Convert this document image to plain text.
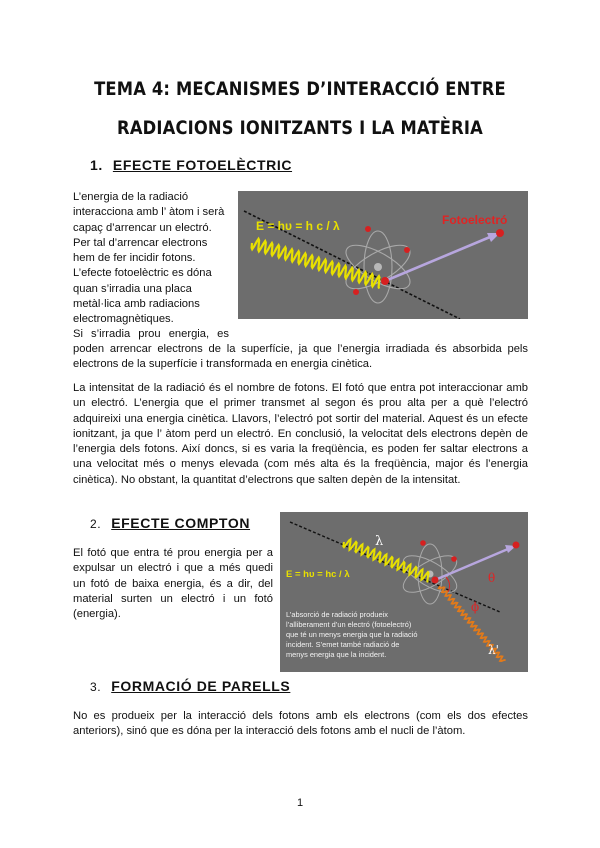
TEMA 4: MECANISMES D’INTERACCIÓ ENTRE
RADIACIONS IONITZANTS I LA MATÈRIA
1. EFECTE FOTOELÈCTRIC
L’energia de la radiació
interacciona amb l’ àtom i serà
capaç d’arrencar un electró.
Per tal d’arrencar electrons
hem de fer incidir fotons.
L’efecte fotoelèctric es dóna
quan s’irradia una placa
metàl·lica amb radiacions
electromagnètiques.
Si s’irradia prou energia, es
poden arrencar electrons de la superfície, ja que l’energia irradiada és absorbida pels
electrons de la superfície i transformada en energia cinètica.
E = hυ = h c / λ	Fotoelectró
La intensitat de la radiació és el nombre de fotons. El fotó que entra pot interaccionar amb
un electró. L’energia que el primer transmet al segon és prou alta per a què l’electró
adquireixi una energia cinètica. Llavors, l’electró pot sortir del material. Aquest és un efecte
ionitzant, ja que l’ àtom perd un electró. En conclusió, la velocitat dels electrons depèn de
l’energia dels fotons. Així doncs, si es varia la freqüència, es poden fer saltar electrons a
una velocitat més o menys elevada (com més alta és la freqüència, major és l’energia
cinètica). No obstant, la quantitat d’electrons que salten depèn de la intensitat.
2. EFECTE COMPTON
El fotó que entra té prou energia per a
expulsar un electró i que a més quedi
un fotó de baixa energia, és a dir, del
material surten un electró i un fotó
(energia).
λ
E = hυ = hc / λ	θ
ϕ
λ'
L’absorció de radiació produeix
l’alliberament d’un electró (fotoelectró)
que té un menys energia que la radiació
incident. S’emet també radiació de
menys energia que la incident.
3. FORMACIÓ DE PARELLS
No es produeix per la interacció dels fotons amb els electrons (com els dos efectes
anteriors), sinó que es dóna per la interacció dels fotons amb el nucli de l’àtom.
1
